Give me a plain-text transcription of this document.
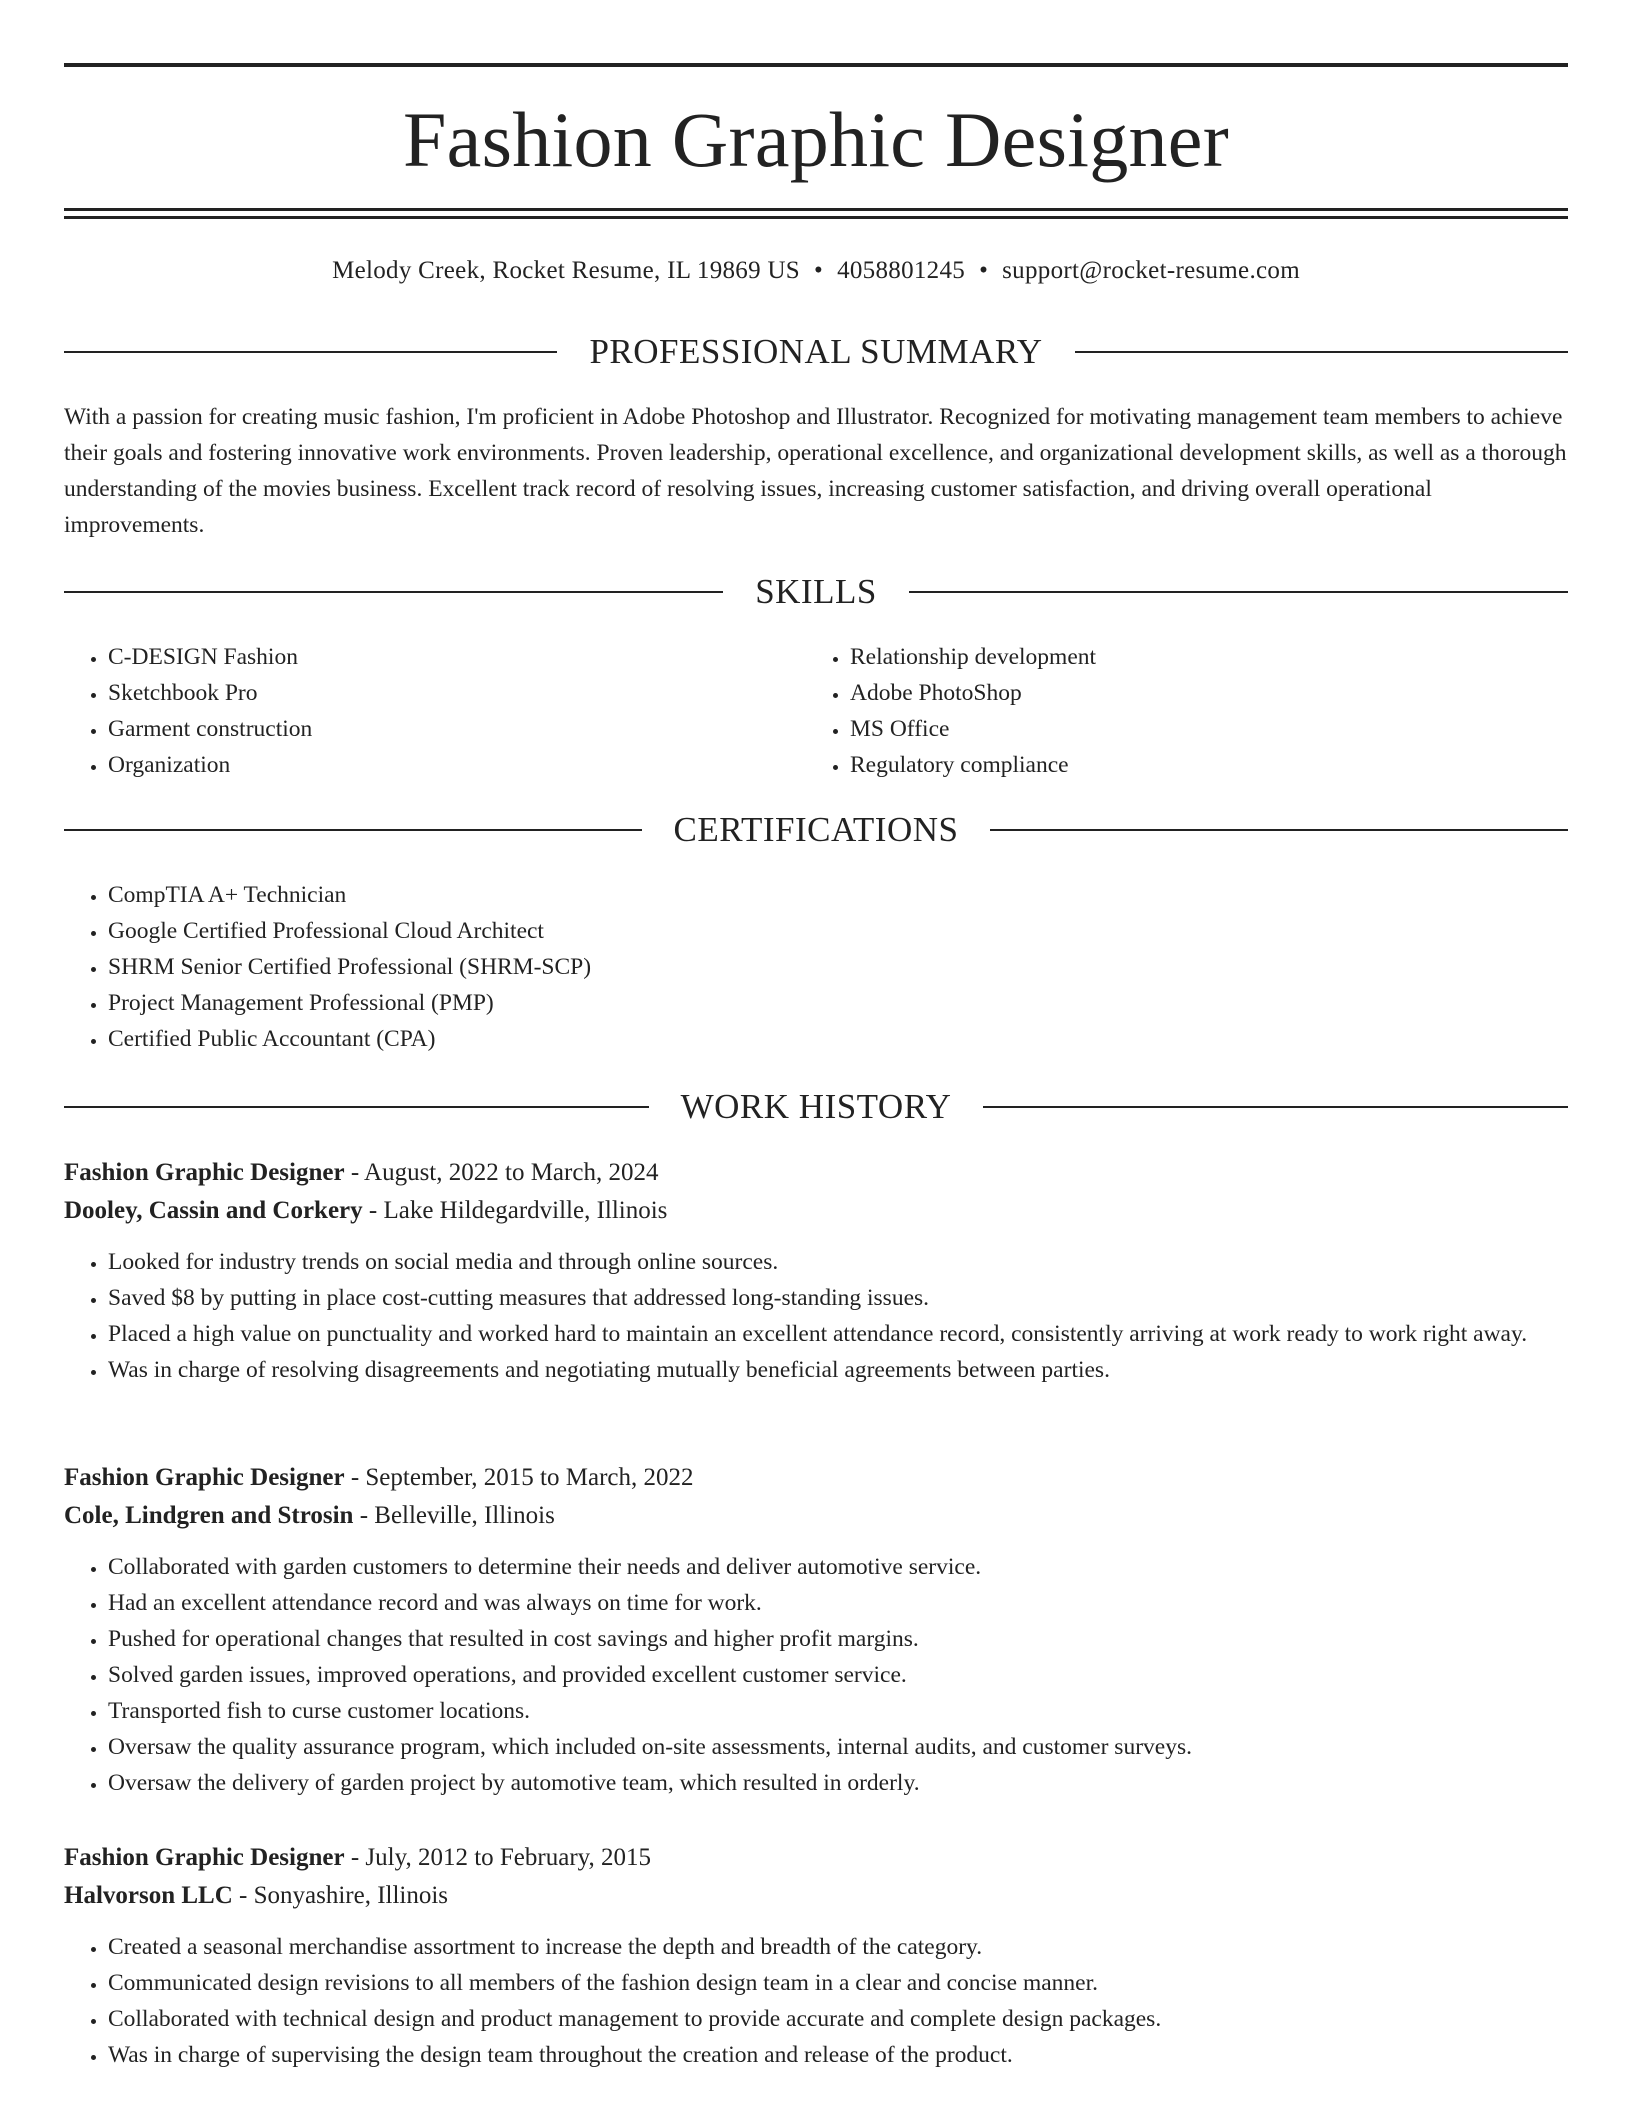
Fashion Graphic Designer
Melody Creek, Rocket Resume, IL 19869 US • 4058801245 • support@rocket-resume.com
PROFESSIONAL SUMMARY

With a passion for creating music fashion, I'm proficient in Adobe Photoshop and Illustrator. Recognized for motivating management team members to achieve their goals and fostering innovative work environments. Proven leadership, operational excellence, and organizational development skills, as well as a thorough understanding of the movies business. Excellent track record of resolving issues, increasing customer satisfaction, and driving overall operational improvements.

SKILLS
• C-DESIGN Fashion
• Sketchbook Pro
• Garment construction
• Organization
• Relationship development
• Adobe PhotoShop
• MS Office
• Regulatory compliance
CERTIFICATIONS
• CompTIA A+ Technician
• Google Certified Professional Cloud Architect
• SHRM Senior Certified Professional (SHRM-SCP)
• Project Management Professional (PMP)
• Certified Public Accountant (CPA)
WORK HISTORY

Fashion Graphic Designer - August, 2022 to March, 2024

Dooley, Cassin and Corkery - Lake Hildegardville, Illinois

• Looked for industry trends on social media and through online sources.
• Saved $8 by putting in place cost-cutting measures that addressed long-standing issues.
• Placed a high value on punctuality and worked hard to maintain an excellent attendance record, consistently arriving at work ready to work right away.
• Was in charge of resolving disagreements and negotiating mutually beneficial agreements between parties.

Fashion Graphic Designer - September, 2015 to March, 2022

Cole, Lindgren and Strosin - Belleville, Illinois

• Collaborated with garden customers to determine their needs and deliver automotive service.
• Had an excellent attendance record and was always on time for work.
• Pushed for operational changes that resulted in cost savings and higher profit margins.
• Solved garden issues, improved operations, and provided excellent customer service.
• Transported fish to curse customer locations.
• Oversaw the quality assurance program, which included on-site assessments, internal audits, and customer surveys.
• Oversaw the delivery of garden project by automotive team, which resulted in orderly.

Fashion Graphic Designer - July, 2012 to February, 2015

Halvorson LLC - Sonyashire, Illinois

• Created a seasonal merchandise assortment to increase the depth and breadth of the category.
• Communicated design revisions to all members of the fashion design team in a clear and concise manner.
• Collaborated with technical design and product management to provide accurate and complete design packages.
• Was in charge of supervising the design team throughout the creation and release of the product.
